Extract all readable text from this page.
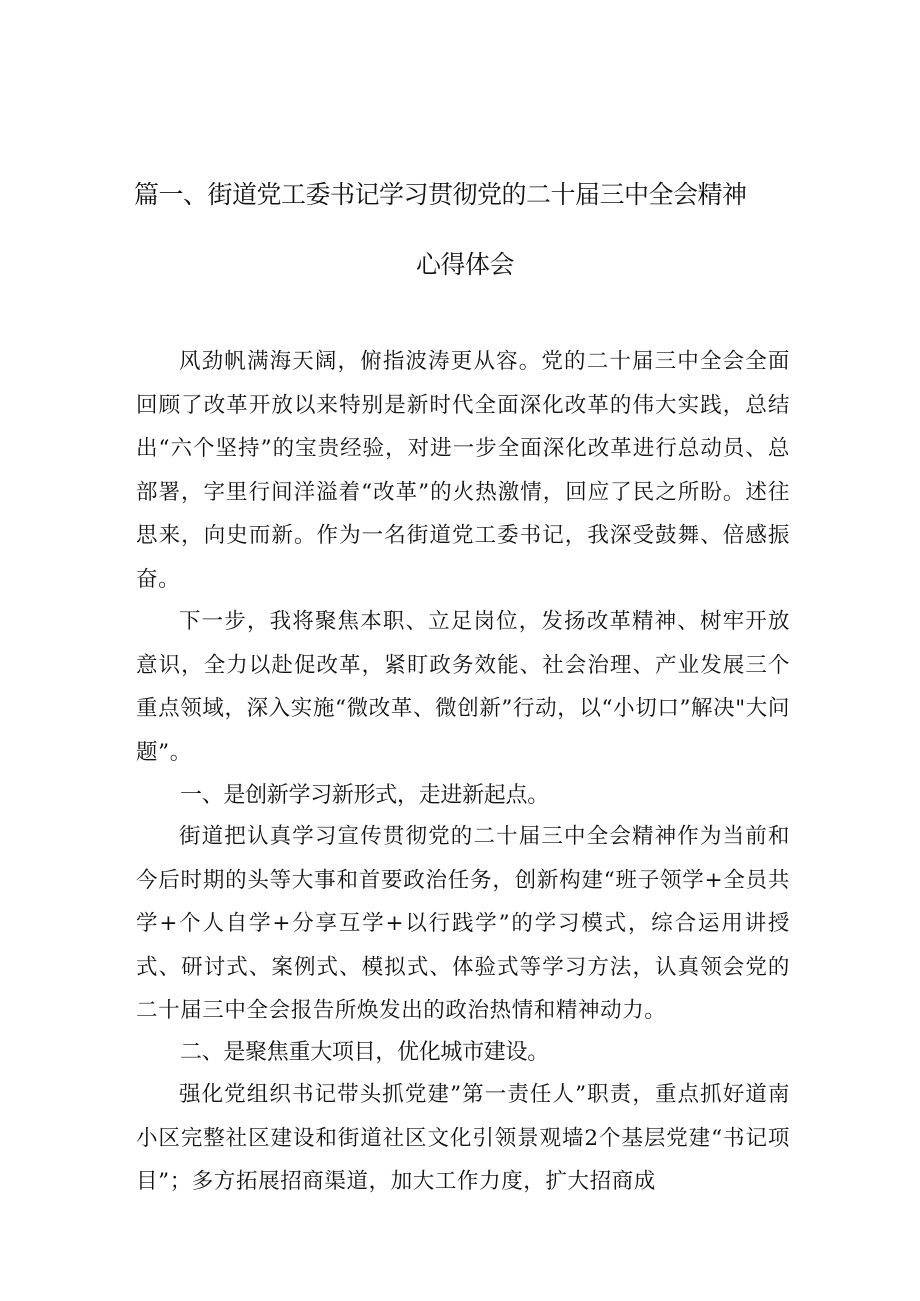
篇一、街道党工委书记学习贯彻党的二十届三中全会精神
心得体会

风劲帆满海天阔，俯指波涛更从容。党的二十届三中全会全面回顾了改革开放以来特别是新时代全面深化改革的伟大实践，总结出“六个坚持”的宝贵经验，对进一步全面深化改革进行总动员、总部署，字里行间洋溢着“改革”的火热激情，回应了民之所盼。述往思来，向史而新。作为一名街道党工委书记，我深受鼓舞、倍感振奋。

下一步，我将聚焦本职、立足岗位，发扬改革精神、树牢开放意识，全力以赴促改革，紧盯政务效能、社会治理、产业发展三个重点领域，深入实施“微改革、微创新”行动，以“小切口”解决"大问题”。

一、是创新学习新形式，走进新起点。

街道把认真学习宣传贯彻党的二十届三中全会精神作为当前和今后时期的头等大事和首要政治任务，创新构建“班子领学+全员共学+个人自学+分享互学+以行践学”的学习模式，综合运用讲授式、研讨式、案例式、模拟式、体验式等学习方法，认真领会党的二十届三中全会报告所焕发出的政治热情和精神动力。

二、是聚焦重大项目，优化城市建设。

强化党组织书记带头抓党建”第一责任人”职责，重点抓好道南小区完整社区建设和街道社区文化引领景观墙2个基层党建“书记项目”；多方拓展招商渠道，加大工作力度，扩大招商成
